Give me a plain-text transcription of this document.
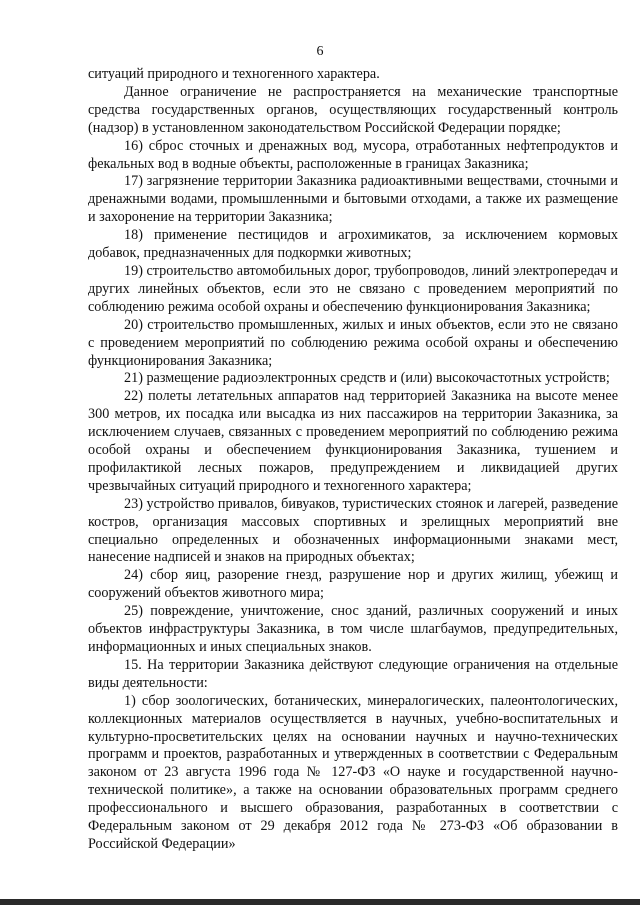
6

ситуаций природного и техногенного характера.

Данное ограничение не распространяется на механические транспортные средства государственных органов, осуществляющих государственный контроль (надзор) в установленном законодательством Российской Федерации порядке;

16) сброс сточных и дренажных вод, мусора, отработанных нефтепродуктов и фекальных вод в водные объекты, расположенные в границах Заказника;

17) загрязнение территории Заказника радиоактивными веществами, сточными и дренажными водами, промышленными и бытовыми отходами, а также их размещение и захоронение на территории Заказника;

18) применение пестицидов и агрохимикатов, за исключением кормовых добавок, предназначенных для подкормки животных;

19) строительство автомобильных дорог, трубопроводов, линий электропередач и других линейных объектов, если это не связано с проведением мероприятий по соблюдению режима особой охраны и обеспечению функционирования Заказника;

20) строительство промышленных, жилых и иных объектов, если это не связано с проведением мероприятий по соблюдению режима особой охраны и обеспечению функционирования Заказника;

21) размещение радиоэлектронных средств и (или) высокочастотных устройств;

22) полеты летательных аппаратов над территорией Заказника на высоте менее 300 метров, их посадка или высадка из них пассажиров на территории Заказника, за исключением случаев, связанных с проведением мероприятий по соблюдению режима особой охраны и обеспечением функционирования Заказника, тушением и профилактикой лесных пожаров, предупреждением и ликвидацией других чрезвычайных ситуаций природного и техногенного характера;

23) устройство привалов, бивуаков, туристических стоянок и лагерей, разведение костров, организация массовых спортивных и зрелищных мероприятий вне специально определенных и обозначенных информационными знаками мест, нанесение надписей и знаков на природных объектах;

24) сбор яиц, разорение гнезд, разрушение нор и других жилищ, убежищ и сооружений объектов животного мира;

25) повреждение, уничтожение, снос зданий, различных сооружений и иных объектов инфраструктуры Заказника, в том числе шлагбаумов, предупредительных, информационных и иных специальных знаков.

15. На территории Заказника действуют следующие ограничения на отдельные виды деятельности:

1) сбор зоологических, ботанических, минералогических, палеонтологических, коллекционных материалов осуществляется в научных, учебно-воспитательных и культурно-просветительских целях на основании научных и научно-технических программ и проектов, разработанных и утвержденных в соответствии с Федеральным законом от 23 августа 1996 года № 127-ФЗ «О науке и государственной научно-технической политике», а также на основании образовательных программ среднего профессионального и высшего образования, разработанных в соответствии с Федеральным законом от 29 декабря 2012 года № 273-ФЗ «Об образовании в Российской Федерации»
